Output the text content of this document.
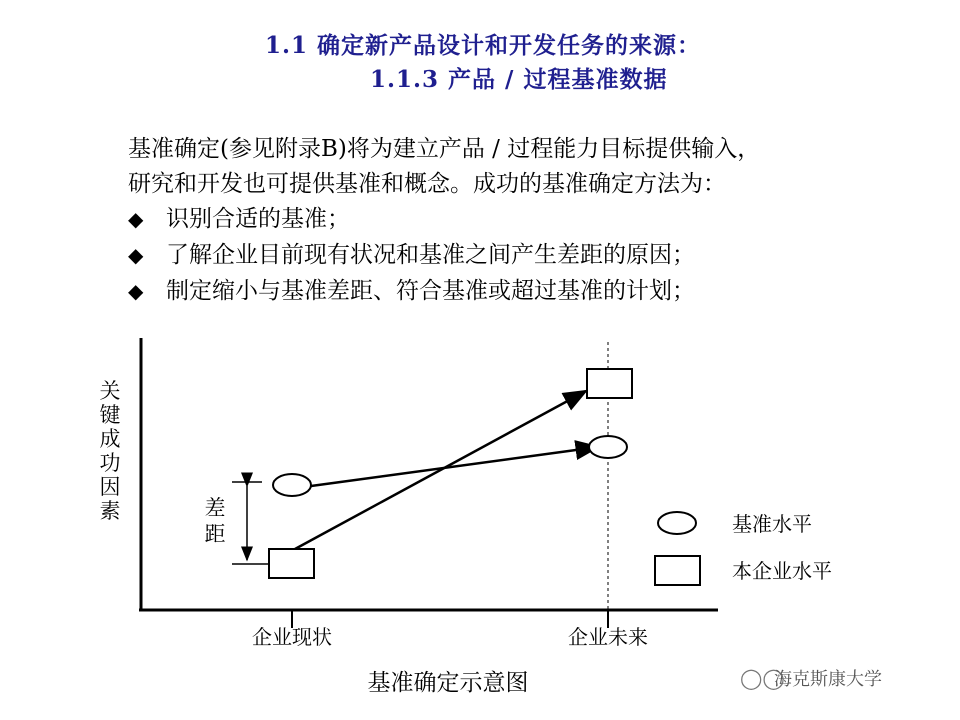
1.1 确定新产品设计和开发任务的来源：
1.1.3 产品 / 过程基准数据
基准确定(参见附录B)将为建立产品 / 过程能力目标提供输入，
研究和开发也可提供基准和概念。成功的基准确定方法为：
◆ 识别合适的基准；
◆ 了解企业目前现有状况和基准之间产生差距的原因；
◆ 制定缩小与基准差距、符合基准或超过基准的计划；
关
键
成
功
因
素	差
距	基准水平
本企业水平
企业现状	企业未来
基准确定示意图	◯◯海克斯康大学
